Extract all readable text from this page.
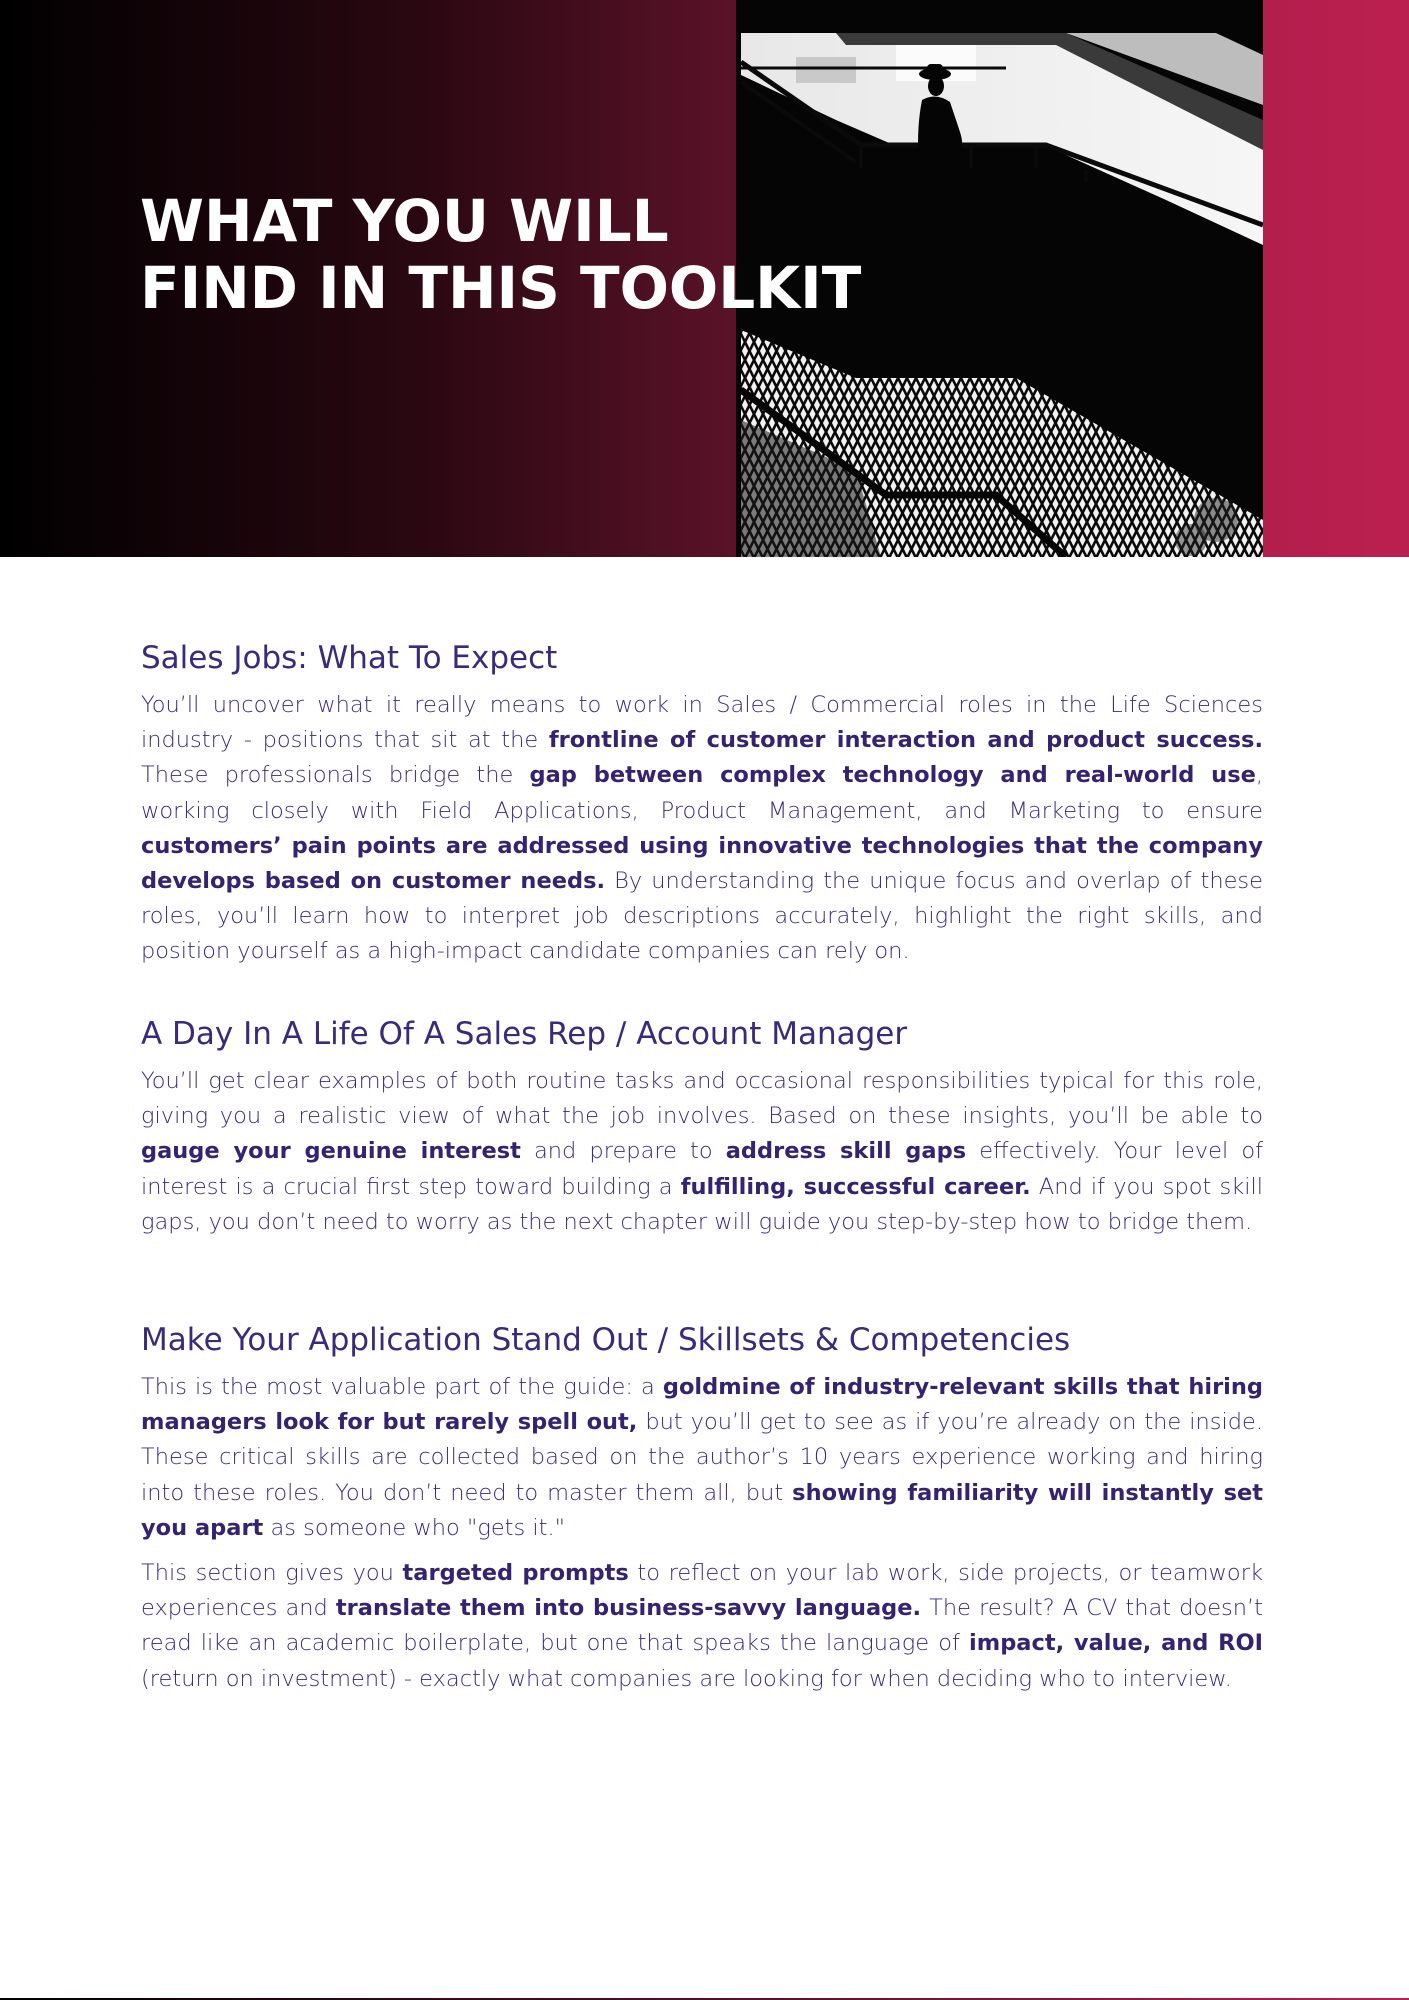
WHAT YOU WILL
FIND IN THIS TOOLKIT
Sales Jobs: What To Expect

You’ll uncover what it really means to work in Sales / Commercial roles in the Life Sciences industry - positions that sit at the frontline of customer interaction and product success. These professionals bridge the gap between complex technology and real-world use, working closely with Field Applications, Product Management, and Marketing to ensure customers’ pain points are addressed using innovative technologies that the company develops based on customer needs. By understanding the unique focus and overlap of these roles, you’ll learn how to interpret job descriptions accurately, highlight the right skills, and position yourself as a high-impact candidate companies can rely on.

A Day In A Life Of A Sales Rep / Account Manager

You’ll get clear examples of both routine tasks and occasional responsibilities typical for this role, giving you a realistic view of what the job involves. Based on these insights, you’ll be able to gauge your genuine interest and prepare to address skill gaps effectively. Your level of interest is a crucial first step toward building a fulfilling, successful career. And if you spot skill gaps, you don’t need to worry as the next chapter will guide you step-by-step how to bridge them.

Make Your Application Stand Out / Skillsets & Competencies

This is the most valuable part of the guide: a goldmine of industry-relevant skills that hiring managers look for but rarely spell out, but you’ll get to see as if you’re already on the inside. These critical skills are collected based on the author’s 10 years experience working and hiring into these roles. You don’t need to master them all, but showing familiarity will instantly set you apart as someone who "gets it."

This section gives you targeted prompts to reflect on your lab work, side projects, or teamwork experiences and translate them into business-savvy language. The result? A CV that doesn’t read like an academic boilerplate, but one that speaks the language of impact, value, and ROI (return on investment) - exactly what companies are looking for when deciding who to interview.
